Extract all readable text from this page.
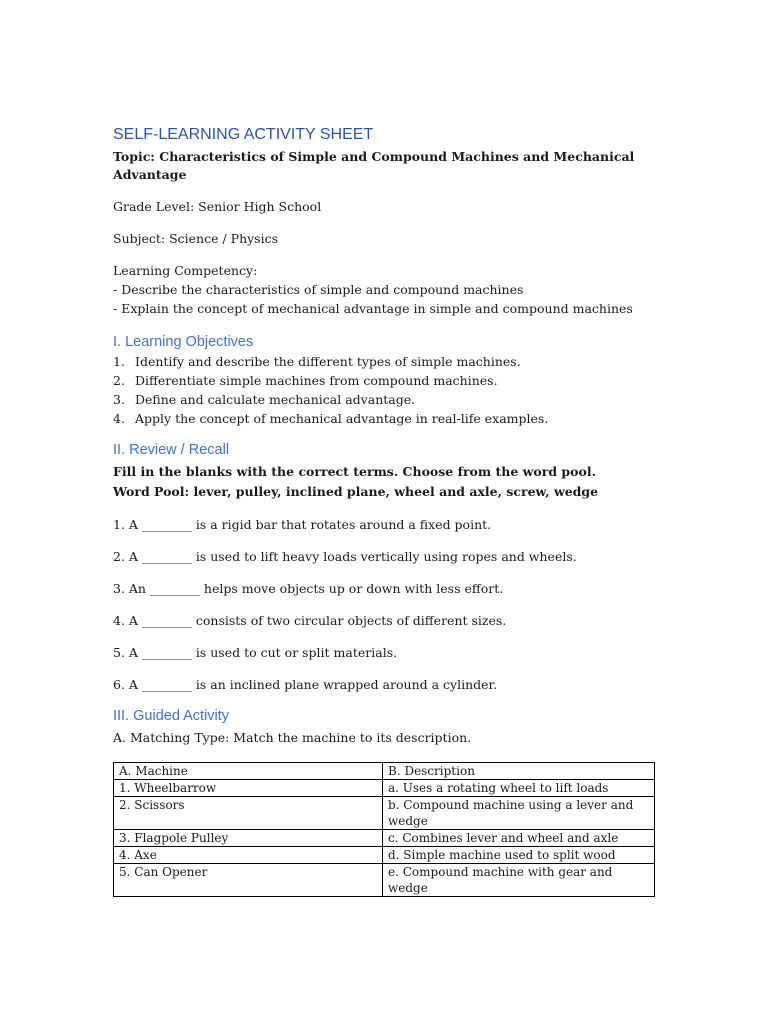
SELF-LEARNING ACTIVITY SHEET

Topic: Characteristics of Simple and Compound Machines and Mechanical Advantage

Grade Level: Senior High School

Subject: Science / Physics

Learning Competency:

- Describe the characteristics of simple and compound machines

- Explain the concept of mechanical advantage in simple and compound machines

I. Learning Objectives
1. Identify and describe the different types of simple machines.
2. Differentiate simple machines from compound machines.
3. Define and calculate mechanical advantage.
4. Apply the concept of mechanical advantage in real-life examples.
II. Review / Recall

Fill in the blanks with the correct terms. Choose from the word pool.

Word Pool: lever, pulley, inclined plane, wheel and axle, screw, wedge

1. A ________ is a rigid bar that rotates around a fixed point.

2. A ________ is used to lift heavy loads vertically using ropes and wheels.

3. An ________ helps move objects up or down with less effort.

4. A ________ consists of two circular objects of different sizes.

5. A ________ is used to cut or split materials.

6. A ________ is an inclined plane wrapped around a cylinder.

III. Guided Activity

A. Matching Type: Match the machine to its description.

A. Machine	B. Description
1. Wheelbarrow	a. Uses a rotating wheel to lift loads
2. Scissors	b. Compound machine using a lever and wedge
3. Flagpole Pulley	c. Combines lever and wheel and axle
4. Axe	d. Simple machine used to split wood
5. Can Opener	e. Compound machine with gear and wedge
